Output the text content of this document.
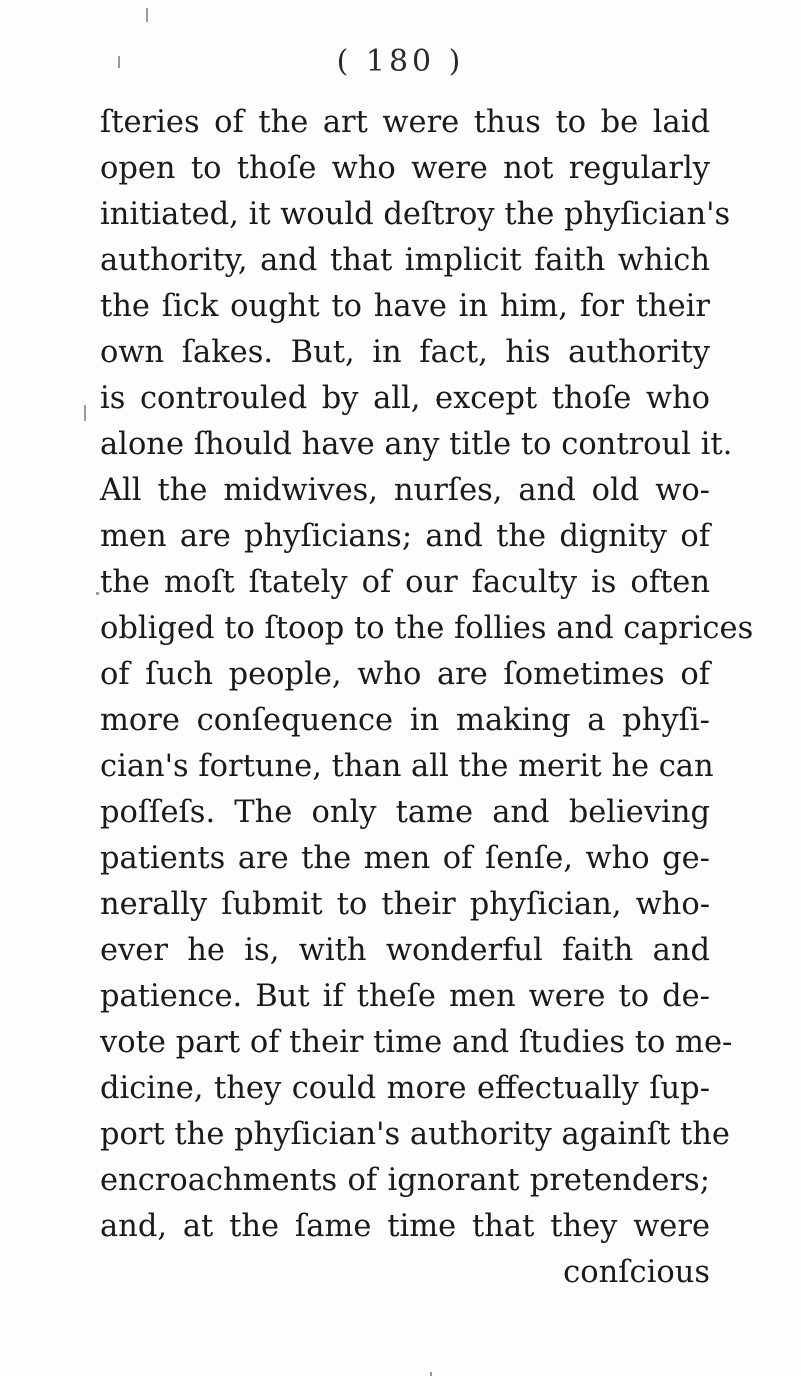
( 180 )
ſteries of the art were thus to be laid
open to thoſe who were not regularly
initiated, it would deſtroy the phyſician's
authority, and that implicit faith which
the ſick ought to have in him, for their
own ſakes. But, in fact, his authority
is controuled by all, except thoſe who
alone ſhould have any title to controul it.
All the midwives, nurſes, and old wo-
men are phyſicians; and the dignity of
the moſt ſtately of our faculty is often
obliged to ſtoop to the follies and caprices
of ſuch people, who are ſometimes of
more conſequence in making a phyſi-
cian's fortune, than all the merit he can
poſſeſs. The only tame and believing
patients are the men of ſenſe, who ge-
nerally ſubmit to their phyſician, who-
ever he is, with wonderful faith and
patience. But if theſe men were to de-
vote part of their time and ſtudies to me-
dicine, they could more effectually ſup-
port the phyſician's authority againſt the
encroachments of ignorant pretenders;
and, at the ſame time that they were
conſcious
